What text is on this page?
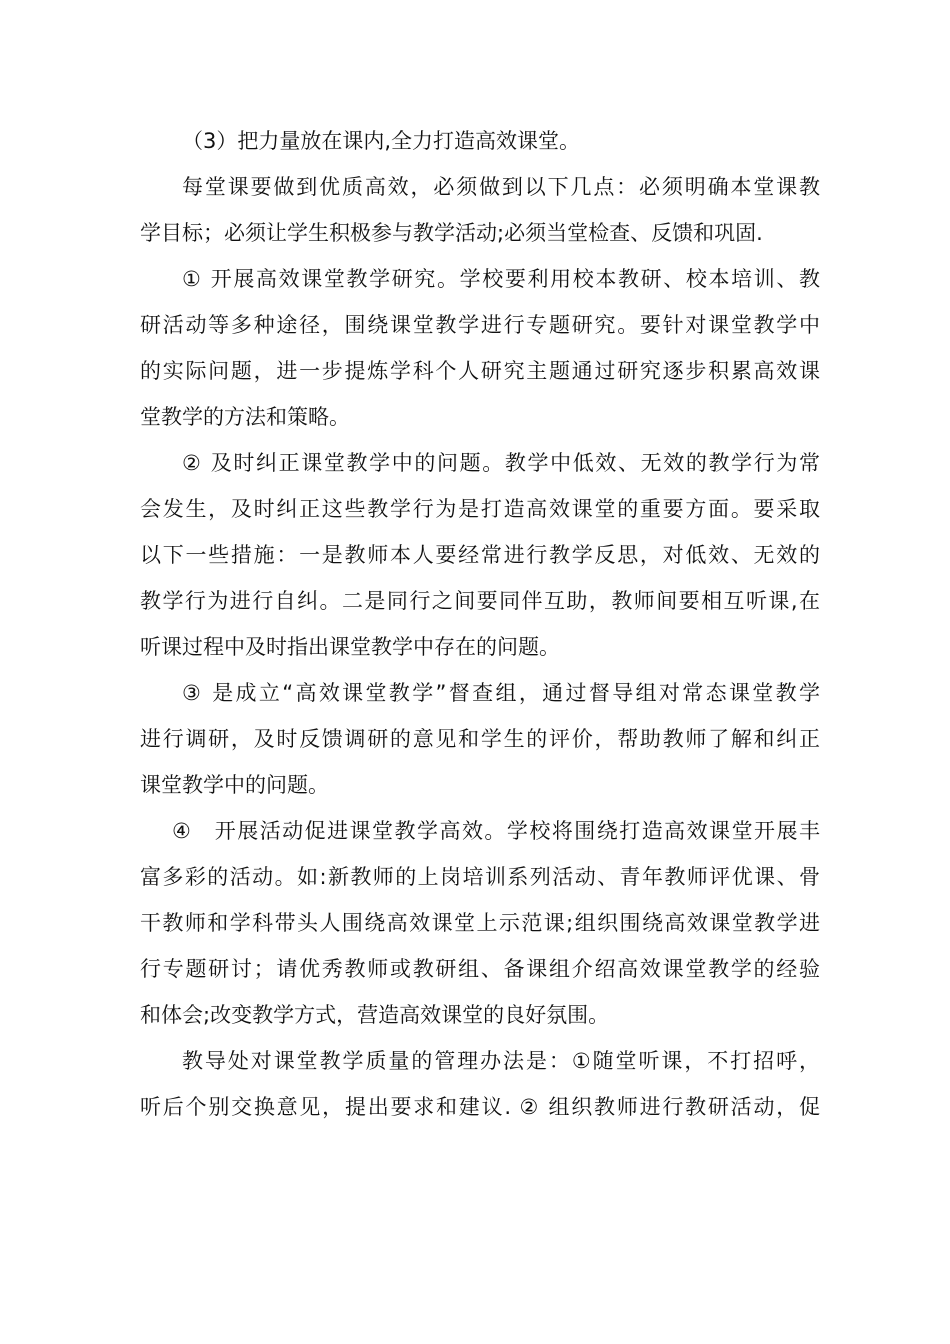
（3）把力量放在课内,全力打造高效课堂。
每堂课要做到优质高效，必须做到以下几点：必须明确本堂课教
学目标；必须让学生积极参与教学活动;必须当堂检查、反馈和巩固.
① 开展高效课堂教学研究。学校要利用校本教研、校本培训、教
研活动等多种途径，围绕课堂教学进行专题研究。要针对课堂教学中
的实际问题，进一步提炼学科个人研究主题通过研究逐步积累高效课
堂教学的方法和策略。
② 及时纠正课堂教学中的问题。教学中低效、无效的教学行为常
会发生，及时纠正这些教学行为是打造高效课堂的重要方面。要采取
以下一些措施：一是教师本人要经常进行教学反思，对低效、无效的
教学行为进行自纠。二是同行之间要同伴互助，教师间要相互听课,在
听课过程中及时指出课堂教学中存在的问题。
③ 是成立“高效课堂教学”督查组，通过督导组对常态课堂教学
进行调研，及时反馈调研的意见和学生的评价，帮助教师了解和纠正
课堂教学中的问题。
④　开展活动促进课堂教学高效。学校将围绕打造高效课堂开展丰
富多彩的活动。如:新教师的上岗培训系列活动、青年教师评优课、骨
干教师和学科带头人围绕高效课堂上示范课;组织围绕高效课堂教学进
行专题研讨；请优秀教师或教研组、备课组介绍高效课堂教学的经验
和体会;改变教学方式，营造高效课堂的良好氛围。
教导处对课堂教学质量的管理办法是：①随堂听课，不打招呼，
听后个别交换意见，提出要求和建议. ② 组织教师进行教研活动，促
